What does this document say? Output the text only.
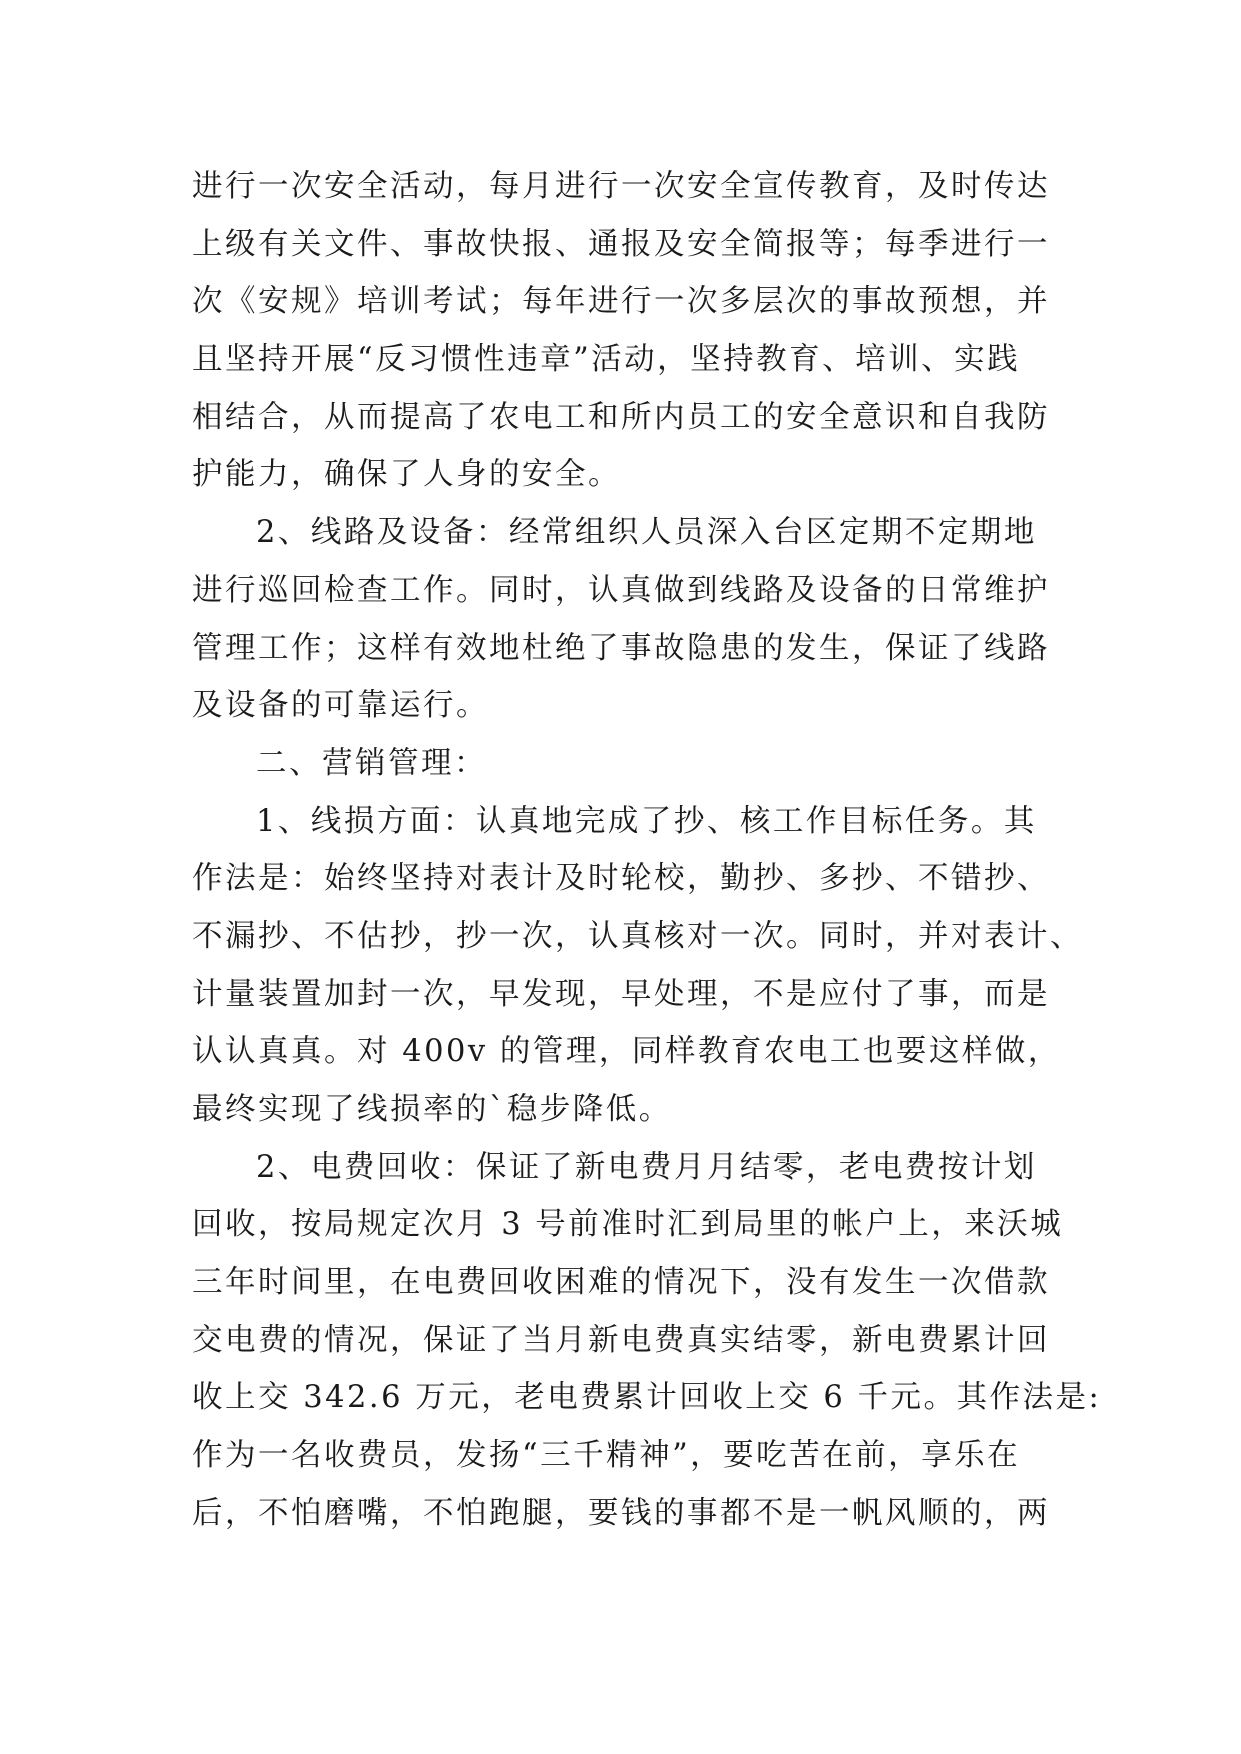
进行一次安全活动，每月进行一次安全宣传教育，及时传达
上级有关文件、事故快报、通报及安全简报等；每季进行一
次《安规》培训考试；每年进行一次多层次的事故预想，并
且坚持开展“反习惯性违章”活动，坚持教育、培训、实践
相结合，从而提高了农电工和所内员工的安全意识和自我防
护能力，确保了人身的安全。
2、线路及设备：经常组织人员深入台区定期不定期地
进行巡回检查工作。同时，认真做到线路及设备的日常维护
管理工作；这样有效地杜绝了事故隐患的发生，保证了线路
及设备的可靠运行。
二、营销管理：
1、线损方面：认真地完成了抄、核工作目标任务。其
作法是：始终坚持对表计及时轮校，勤抄、多抄、不错抄、
不漏抄、不估抄，抄一次，认真核对一次。同时，并对表计、
计量装置加封一次，早发现，早处理，不是应付了事，而是
认认真真。对 400v 的管理，同样教育农电工也要这样做，
最终实现了线损率的`稳步降低。
2、电费回收：保证了新电费月月结零，老电费按计划
回收，按局规定次月 3 号前准时汇到局里的帐户上，来沃城
三年时间里，在电费回收困难的情况下，没有发生一次借款
交电费的情况，保证了当月新电费真实结零，新电费累计回
收上交 342.6 万元，老电费累计回收上交 6 千元。其作法是:
作为一名收费员，发扬“三千精神”，要吃苦在前，享乐在
后，不怕磨嘴，不怕跑腿，要钱的事都不是一帆风顺的，两
